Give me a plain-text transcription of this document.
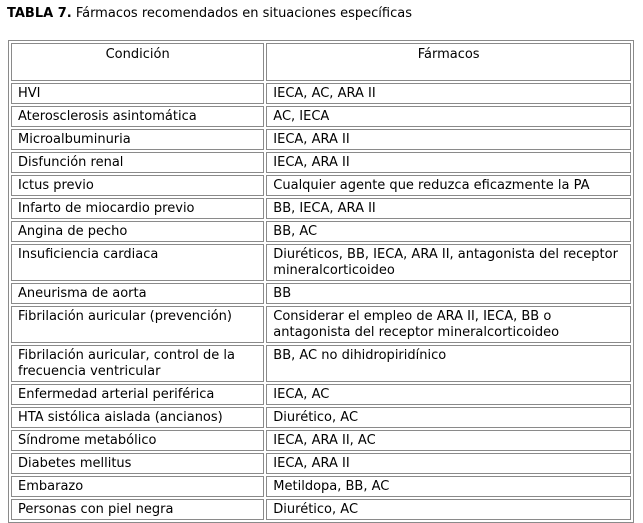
TABLA 7. Fármacos recomendados en situaciones específicas
Condición	Fármacos
HVI	IECA, AC, ARA II
Aterosclerosis asintomática	AC, IECA
Microalbuminuria	IECA, ARA II
Disfunción renal	IECA, ARA II
Ictus previo	Cualquier agente que reduzca eficazmente la PA
Infarto de miocardio previo	BB, IECA, ARA II
Angina de pecho	BB, AC
Insuficiencia cardiaca	Diuréticos, BB, IECA, ARA II, antagonista del receptor mineralcorticoideo
Aneurisma de aorta	BB
Fibrilación auricular (prevención)	Considerar el empleo de ARA II, IECA, BB o antagonista del receptor mineralcorticoideo
Fibrilación auricular, control de la frecuencia ventricular	BB, AC no dihidropiridínico
Enfermedad arterial periférica	IECA, AC
HTA sistólica aislada (ancianos)	Diurético, AC
Síndrome metabólico	IECA, ARA II, AC
Diabetes mellitus	IECA, ARA II
Embarazo	Metildopa, BB, AC
Personas con piel negra	Diurético, AC
